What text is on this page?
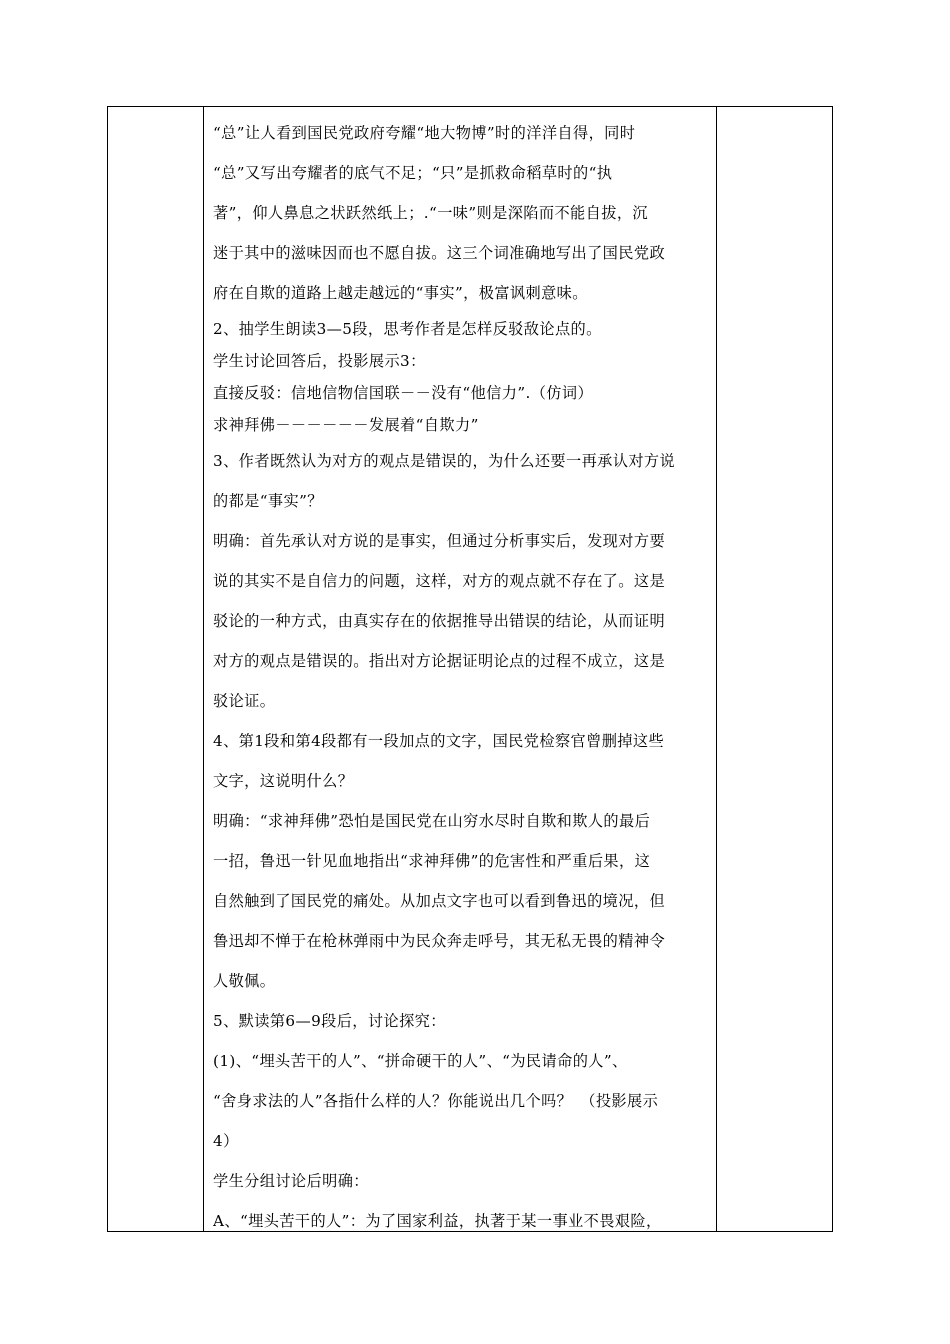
“总”让人看到国民党政府夸耀“地大物博”时的洋洋自得，同时
“总”又写出夸耀者的底气不足；“只”是抓救命稻草时的“执
著”，仰人鼻息之状跃然纸上；.“一味”则是深陷而不能自拔，沉
迷于其中的滋味因而也不愿自拔。这三个词准确地写出了国民党政
府在自欺的道路上越走越远的“事实”，极富讽刺意味。
2、抽学生朗读3—5段，思考作者是怎样反驳敌论点的。
学生讨论回答后，投影展示3：
直接反驳：信地信物信国联－－没有“他信力”.（仿词）
求神拜佛－－－－－－发展着“自欺力”
3、作者既然认为对方的观点是错误的，为什么还要一再承认对方说
的都是“事实”？
明确：首先承认对方说的是事实，但通过分析事实后，发现对方要
说的其实不是自信力的问题，这样，对方的观点就不存在了。这是
驳论的一种方式，由真实存在的依据推导出错误的结论，从而证明
对方的观点是错误的。指出对方论据证明论点的过程不成立，这是
驳论证。
4、第1段和第4段都有一段加点的文字，国民党检察官曾删掉这些
文字，这说明什么？
明确：“求神拜佛”恐怕是国民党在山穷水尽时自欺和欺人的最后
一招，鲁迅一针见血地指出“求神拜佛”的危害性和严重后果，这
自然触到了国民党的痛处。从加点文字也可以看到鲁迅的境况，但
鲁迅却不惮于在枪林弹雨中为民众奔走呼号，其无私无畏的精神令
人敬佩。
5、默读第6—9段后，讨论探究：
(1)、“埋头苦干的人”、“拼命硬干的人”、“为民请命的人”、
“舍身求法的人”各指什么样的人？你能说出几个吗？　（投影展示
4）
学生分组讨论后明确：
A、“埋头苦干的人”：为了国家利益，执著于某一事业不畏艰险，
